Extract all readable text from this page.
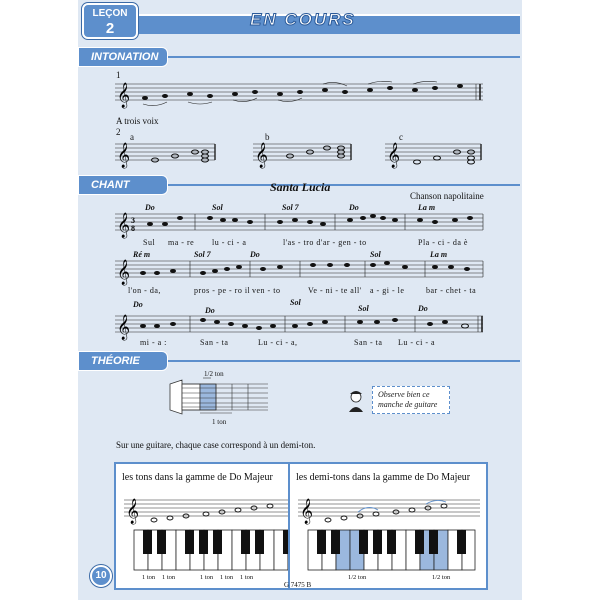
LEÇON
2	EN COURS
INTONATION
1
𝄞
A trois voix
2 a	b	c
𝄞	𝄞	𝄞
CHANT	Santa Lucia
Chanson napolitaine
Do	Sol	Sol 7	Do	La m
𝄞 3
8
Sul ma - re lu - ci - a	l'as - tro d'ar - gen - to	Pla - ci - da è
Ré m	Sol 7	Do	Sol	La m
𝄞
l'on - da,	pros - pe - ro il ven - to	Ve - ni - te all' a - gi - le	bar - chet - ta
Do
Do
Sol
Sol	Do
𝄞
mi - a :	San - ta	Lu - ci - a,	San - ta Lu - ci - a
THÉORIE
1/2 ton
1 ton
Observe bien ce manche de guitare
Sur une guitare, chaque case correspond à un demi-ton.
les tons dans la gamme de Do Majeur
𝄞
1 ton 1 ton	1 ton 1 ton 1 ton
les demi-tons dans la gamme de Do Majeur
𝄞
1/2 ton	1/2 ton
10
G 7475 B
